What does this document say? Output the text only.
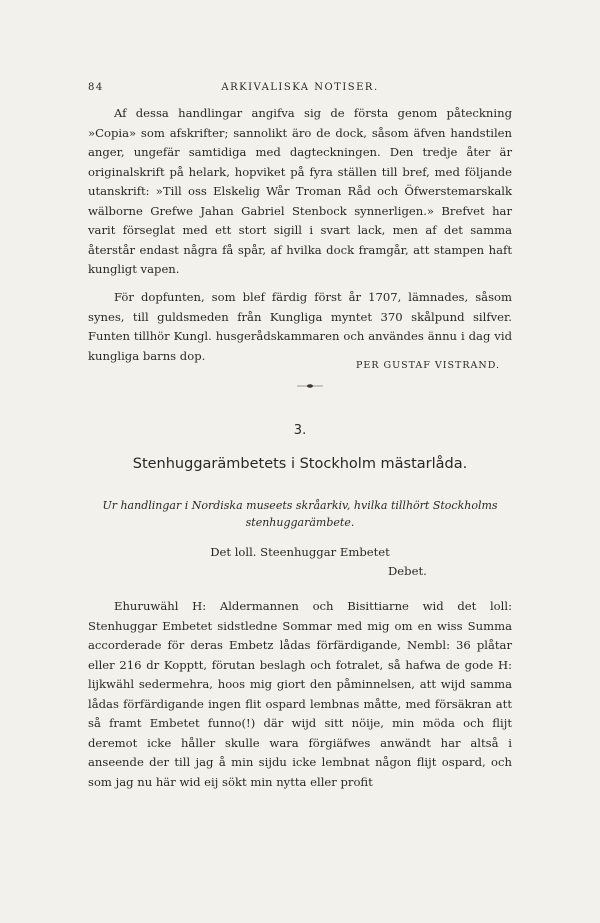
84	ARKIVALISKA NOTISER.

Af dessa handlingar angifva sig de första genom påteckning »Copia» som afskrifter; sannolikt äro de dock, såsom äfven handstilen anger, ungefär samtidiga med dagteckningen. Den tredje åter är originalskrift på helark, hopviket på fyra ställen till bref, med följande utanskrift: »Till oss Elskelig Wår Troman Råd och Öfwerstemarskalk wälborne Grefwe Jahan Gabriel Stenbock synnerligen.» Brefvet har varit förseglat med ett stort sigill i svart lack, men af det samma återstår endast några få spår, af hvilka dock framgår, att stampen haft kungligt vapen.

För dopfunten, som blef färdig först år 1707, lämnades, såsom synes, till guldsmeden från Kungliga myntet 370 skålpund silfver. Funten tillhör Kungl. husgerådskammaren och användes ännu i dag vid kungliga barns dop.

PER GUSTAF VISTRAND.
3.
Stenhuggarämbetets i Stockholm mästarlåda.
Ur handlingar i Nordiska museets skråarkiv, hvilka tillhört Stockholms stenhuggarämbete.
Det loll. Steenhuggar Embetet
Debet.

Ehuruwähl H: Aldermannen och Bisittiarne wid det loll: Stenhuggar Embetet sidstledne Sommar med mig om en wiss Summa accorderade för deras Embetz lådas förfärdigande, Nembl: 36 plåtar eller 216 dr Kopptt, förutan beslagh och fotralet, så hafwa de gode H: lijkwähl sedermehra, hoos mig giort den påminnelsen, att wijd samma lådas förfärdigande ingen flit ospard lembnas måtte, med försäkran att så framt Embetet funno(!) där wijd sitt nöije, min möda och flijt deremot icke håller skulle wara förgiäfwes anwändt har altså i anseende der till jag å min sijdu icke lembnat någon flijt ospard, och som jag nu här wid eij sökt min nytta eller profit
